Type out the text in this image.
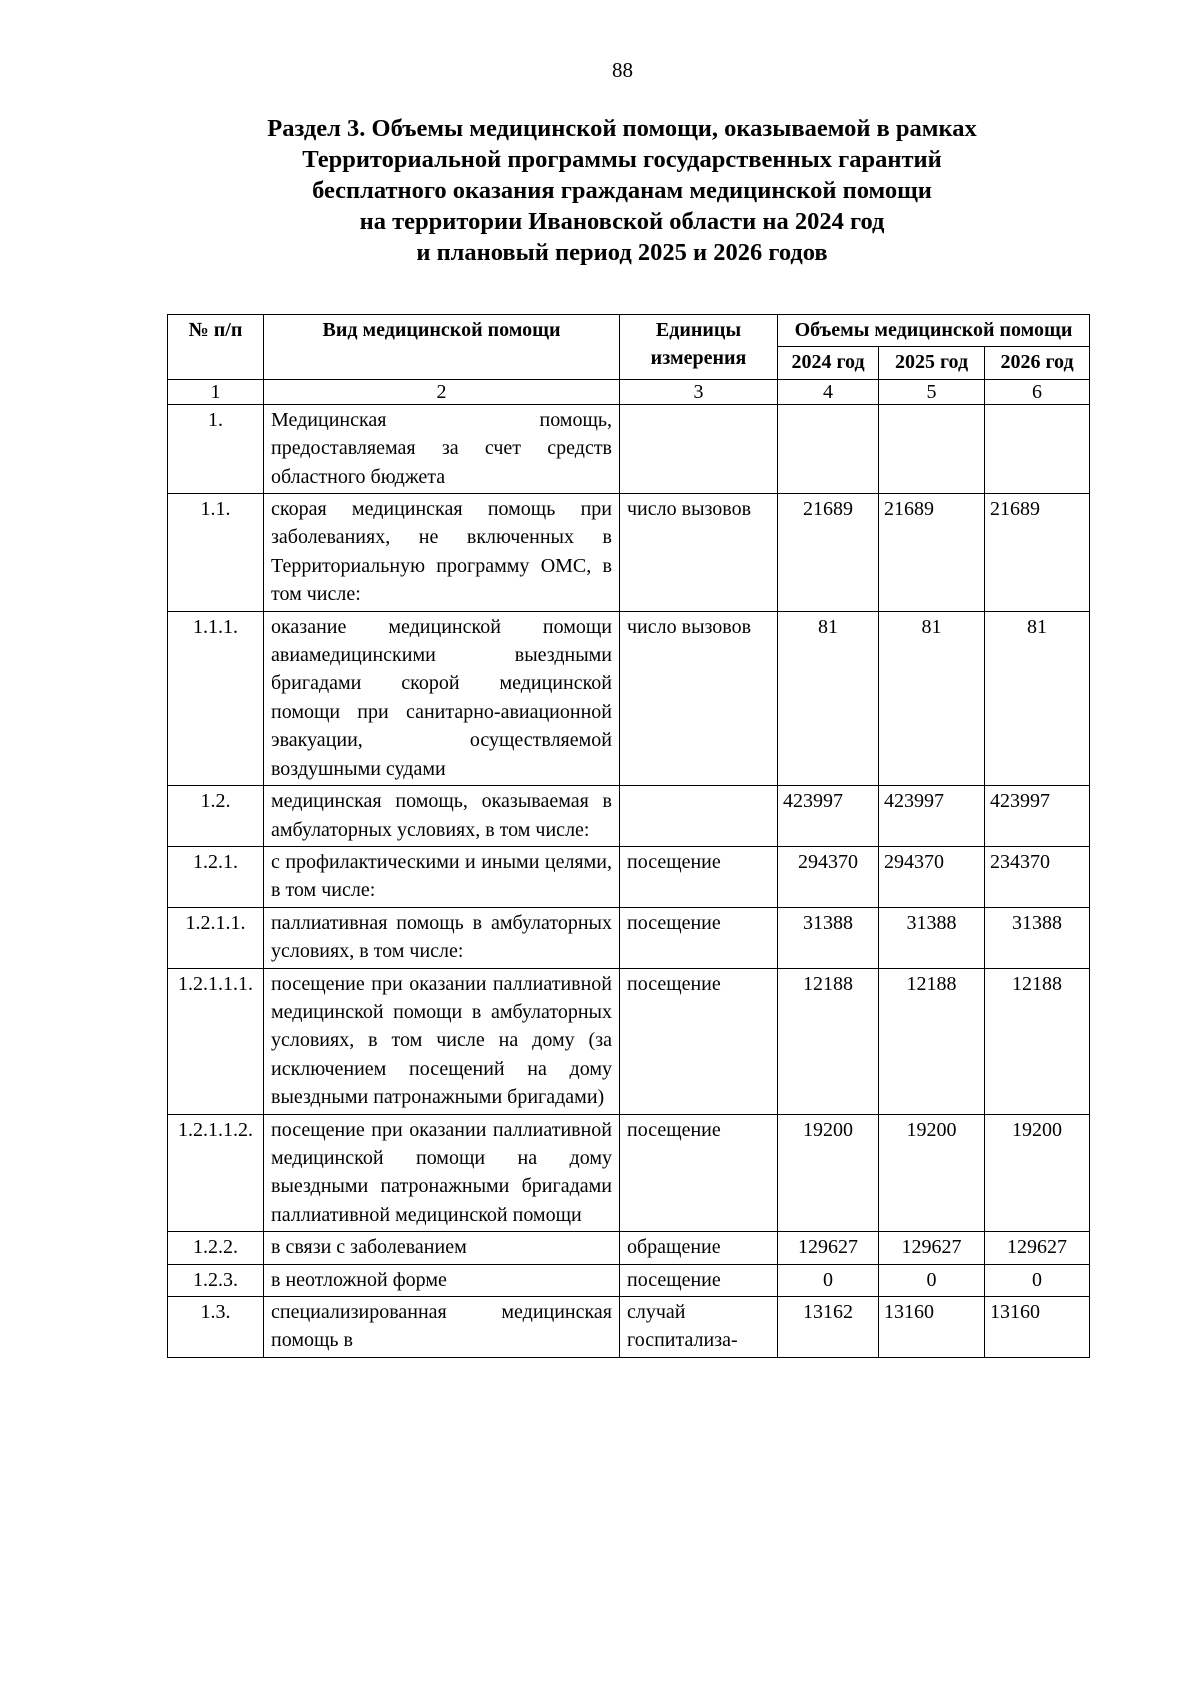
88
Раздел 3. Объемы медицинской помощи, оказываемой в рамках
Территориальной программы государственных гарантий
бесплатного оказания гражданам медицинской помощи
на территории Ивановской области на 2024 год
и плановый период 2025 и 2026 годов
№ п/п	Вид медицинской помощи	Единицы измерения	Объемы медицинской помощи		
			2024 год	2025 год	2026 год
1	2	3	4	5	6
1.	Медицинская помощь, предоставляемая за счет средств областного бюджета				
1.1.	скорая медицинская помощь при заболеваниях, не включенных в Территориальную программу ОМС, в том числе:	число вызовов	21689	21689	21689
1.1.1.	оказание медицинской помощи авиамедицинскими выездными бригадами скорой медицинской помощи при санитарно-авиационной эвакуации, осуществляемой воздушными судами	число вызовов	81	81	81
1.2.	медицинская помощь, оказываемая в амбулаторных условиях, в том числе:		423997	423997	423997
1.2.1.	с профилактическими и иными целями, в том числе:	посещение	294370	294370	234370
1.2.1.1.	паллиативная помощь в амбулаторных условиях, в том числе:	посещение	31388	31388	31388
1.2.1.1.1.	посещение при оказании паллиативной медицинской помощи в амбулаторных условиях, в том числе на дому (за исключением посещений на дому выездными патронажными бригадами)	посещение	12188	12188	12188
1.2.1.1.2.	посещение при оказании паллиативной медицинской помощи на дому выездными патронажными бригадами паллиативной медицинской помощи	посещение	19200	19200	19200
1.2.2.	в связи с заболеванием	обращение	129627	129627	129627
1.2.3.	в неотложной форме	посещение	0	0	0
1.3.	специализированная медицинская помощь в	случай госпитализа-	13162	13160	13160
